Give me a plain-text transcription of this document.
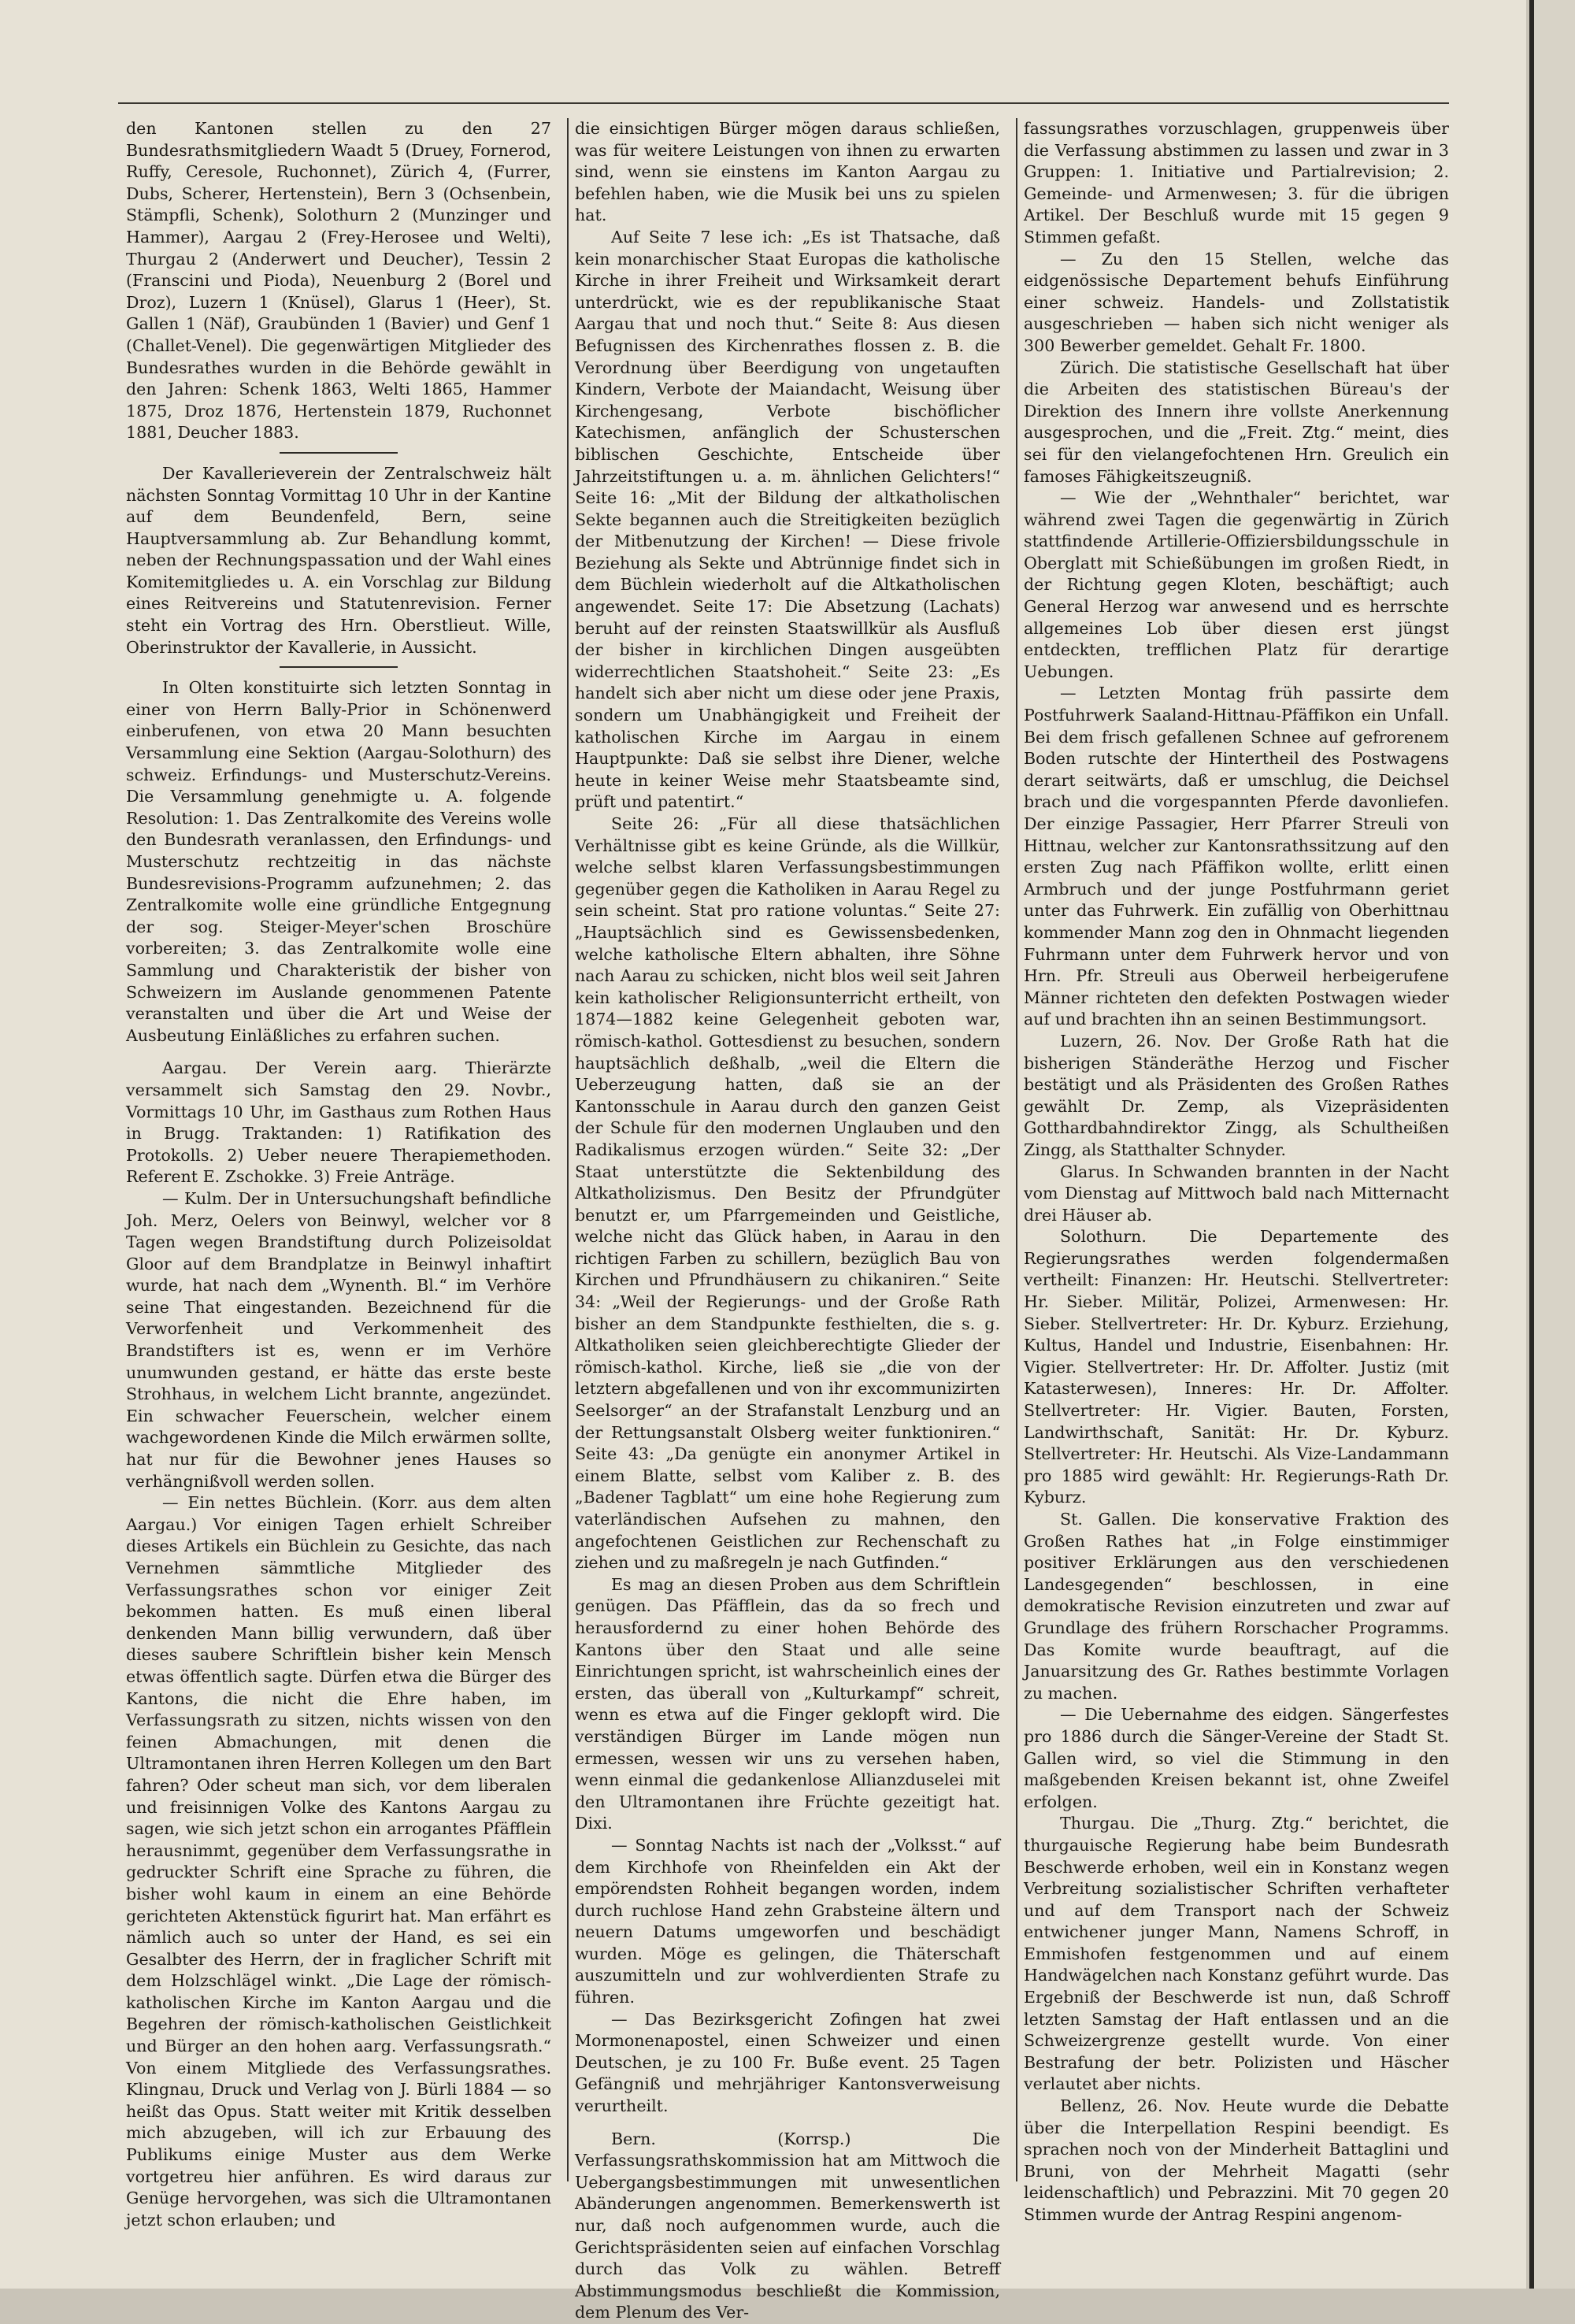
den Kantonen stellen zu den 27 Bundesrathsmitgliedern Waadt 5 (Druey, Fornerod, Ruffy, Ceresole, Ruchonnet), Zürich 4, (Furrer, Dubs, Scherer, Hertenstein), Bern 3 (Ochsenbein, Stämpfli, Schenk), Solothurn 2 (Munzinger und Hammer), Aargau 2 (Frey-Herosee und Welti), Thurgau 2 (Anderwert und Deucher), Tessin 2 (Franscini und Pioda), Neuenburg 2 (Borel und Droz), Luzern 1 (Knüsel), Glarus 1 (Heer), St. Gallen 1 (Näf), Graubünden 1 (Bavier) und Genf 1 (Challet-Venel). Die gegenwärtigen Mitglieder des Bundesrathes wurden in die Behörde gewählt in den Jahren: Schenk 1863, Welti 1865, Hammer 1875, Droz 1876, Hertenstein 1879, Ruchonnet 1881, Deucher 1883.

Der Kavallerieverein der Zentralschweiz hält nächsten Sonntag Vormittag 10 Uhr in der Kantine auf dem Beundenfeld, Bern, seine Hauptversammlung ab. Zur Behandlung kommt, neben der Rechnungspassation und der Wahl eines Komitemitgliedes u. A. ein Vorschlag zur Bildung eines Reitvereins und Statutenrevision. Ferner steht ein Vortrag des Hrn. Oberstlieut. Wille, Oberinstruktor der Kavallerie, in Aussicht.

In Olten konstituirte sich letzten Sonntag in einer von Herrn Bally-Prior in Schönenwerd einberufenen, von etwa 20 Mann besuchten Versammlung eine Sektion (Aargau-Solothurn) des schweiz. Erfindungs- und Musterschutz-Vereins. Die Versammlung genehmigte u. A. folgende Resolution: 1. Das Zentralkomite des Vereins wolle den Bundesrath veranlassen, den Erfindungs- und Musterschutz rechtzeitig in das nächste Bundesrevisions-Programm aufzunehmen; 2. das Zentralkomite wolle eine gründliche Entgegnung der sog. Steiger-Meyer'schen Broschüre vorbereiten; 3. das Zentralkomite wolle eine Sammlung und Charakteristik der bisher von Schweizern im Auslande genommenen Patente veranstalten und über die Art und Weise der Ausbeutung Einläßliches zu erfahren suchen.

Aargau. Der Verein aarg. Thierärzte versammelt sich Samstag den 29. Novbr., Vormittags 10 Uhr, im Gasthaus zum Rothen Haus in Brugg. Traktanden: 1) Ratifikation des Protokolls. 2) Ueber neuere Therapiemethoden. Referent E. Zschokke. 3) Freie Anträge.

— Kulm. Der in Untersuchungshaft befindliche Joh. Merz, Oelers von Beinwyl, welcher vor 8 Tagen wegen Brandstiftung durch Polizeisoldat Gloor auf dem Brandplatze in Beinwyl inhaftirt wurde, hat nach dem „Wynenth. Bl.“ im Verhöre seine That eingestanden. Bezeichnend für die Verworfenheit und Verkommenheit des Brandstifters ist es, wenn er im Verhöre unumwunden gestand, er hätte das erste beste Strohhaus, in welchem Licht brannte, angezündet. Ein schwacher Feuerschein, welcher einem wachgewordenen Kinde die Milch erwärmen sollte, hat nur für die Bewohner jenes Hauses so verhängnißvoll werden sollen.

— Ein nettes Büchlein. (Korr. aus dem alten Aargau.) Vor einigen Tagen erhielt Schreiber dieses Artikels ein Büchlein zu Gesichte, das nach Vernehmen sämmtliche Mitglieder des Verfassungsrathes schon vor einiger Zeit bekommen hatten. Es muß einen liberal denkenden Mann billig verwundern, daß über dieses saubere Schriftlein bisher kein Mensch etwas öffentlich sagte. Dürfen etwa die Bürger des Kantons, die nicht die Ehre haben, im Verfassungsrath zu sitzen, nichts wissen von den feinen Abmachungen, mit denen die Ultramontanen ihren Herren Kollegen um den Bart fahren? Oder scheut man sich, vor dem liberalen und freisinnigen Volke des Kantons Aargau zu sagen, wie sich jetzt schon ein arrogantes Pfäfflein herausnimmt, gegenüber dem Verfassungsrathe in gedruckter Schrift eine Sprache zu führen, die bisher wohl kaum in einem an eine Behörde gerichteten Aktenstück figurirt hat. Man erfährt es nämlich auch so unter der Hand, es sei ein Gesalbter des Herrn, der in fraglicher Schrift mit dem Holzschlägel winkt. „Die Lage der römisch-katholischen Kirche im Kanton Aargau und die Begehren der römisch-katholischen Geistlichkeit und Bürger an den hohen aarg. Verfassungsrath.“ Von einem Mitgliede des Verfassungsrathes. Klingnau, Druck und Verlag von J. Bürli 1884 — so heißt das Opus. Statt weiter mit Kritik desselben mich abzugeben, will ich zur Erbauung des Publikums einige Muster aus dem Werke vortgetreu hier anführen. Es wird daraus zur Genüge hervorgehen, was sich die Ultramontanen jetzt schon erlauben; und

die einsichtigen Bürger mögen daraus schließen, was für weitere Leistungen von ihnen zu erwarten sind, wenn sie einstens im Kanton Aargau zu befehlen haben, wie die Musik bei uns zu spielen hat.

Auf Seite 7 lese ich: „Es ist Thatsache, daß kein monarchischer Staat Europas die katholische Kirche in ihrer Freiheit und Wirksamkeit derart unterdrückt, wie es der republikanische Staat Aargau that und noch thut.“ Seite 8: Aus diesen Befugnissen des Kirchenrathes flossen z. B. die Verordnung über Beerdigung von ungetauften Kindern, Verbote der Maiandacht, Weisung über Kirchengesang, Verbote bischöflicher Katechismen, anfänglich der Schusterschen biblischen Geschichte, Entscheide über Jahrzeitstiftungen u. a. m. ähnlichen Gelichters!“ Seite 16: „Mit der Bildung der altkatholischen Sekte begannen auch die Streitigkeiten bezüglich der Mitbenutzung der Kirchen! — Diese frivole Beziehung als Sekte und Abtrünnige findet sich in dem Büchlein wiederholt auf die Altkatholischen angewendet. Seite 17: Die Absetzung (Lachats) beruht auf der reinsten Staatswillkür als Ausfluß der bisher in kirchlichen Dingen ausgeübten widerrechtlichen Staatshoheit.“ Seite 23: „Es handelt sich aber nicht um diese oder jene Praxis, sondern um Unabhängigkeit und Freiheit der katholischen Kirche im Aargau in einem Hauptpunkte: Daß sie selbst ihre Diener, welche heute in keiner Weise mehr Staatsbeamte sind, prüft und patentirt.“

Seite 26: „Für all diese thatsächlichen Verhältnisse gibt es keine Gründe, als die Willkür, welche selbst klaren Verfassungsbestimmungen gegenüber gegen die Katholiken in Aarau Regel zu sein scheint. Stat pro ratione voluntas.“ Seite 27: „Hauptsächlich sind es Gewissensbedenken, welche katholische Eltern abhalten, ihre Söhne nach Aarau zu schicken, nicht blos weil seit Jahren kein katholischer Religionsunterricht ertheilt, von 1874—1882 keine Gelegenheit geboten war, römisch-kathol. Gottesdienst zu besuchen, sondern hauptsächlich deßhalb, „weil die Eltern die Ueberzeugung hatten, daß sie an der Kantonsschule in Aarau durch den ganzen Geist der Schule für den modernen Unglauben und den Radikalismus erzogen würden.“ Seite 32: „Der Staat unterstützte die Sektenbildung des Altkatholizismus. Den Besitz der Pfrundgüter benutzt er, um Pfarrgemeinden und Geistliche, welche nicht das Glück haben, in Aarau in den richtigen Farben zu schillern, bezüglich Bau von Kirchen und Pfrundhäusern zu chikaniren.“ Seite 34: „Weil der Regierungs- und der Große Rath bisher an dem Standpunkte festhielten, die s. g. Altkatholiken seien gleichberechtigte Glieder der römisch-kathol. Kirche, ließ sie „die von der letztern abgefallenen und von ihr excommunizirten Seelsorger“ an der Strafanstalt Lenzburg und an der Rettungsanstalt Olsberg weiter funktioniren.“ Seite 43: „Da genügte ein anonymer Artikel in einem Blatte, selbst vom Kaliber z. B. des „Badener Tagblatt“ um eine hohe Regierung zum vaterländischen Aufsehen zu mahnen, den angefochtenen Geistlichen zur Rechenschaft zu ziehen und zu maßregeln je nach Gutfinden.“

Es mag an diesen Proben aus dem Schriftlein genügen. Das Pfäfflein, das da so frech und herausfordernd zu einer hohen Behörde des Kantons über den Staat und alle seine Einrichtungen spricht, ist wahrscheinlich eines der ersten, das überall von „Kulturkampf“ schreit, wenn es etwa auf die Finger geklopft wird. Die verständigen Bürger im Lande mögen nun ermessen, wessen wir uns zu versehen haben, wenn einmal die gedankenlose Allianzduselei mit den Ultramontanen ihre Früchte gezeitigt hat. Dixi.

— Sonntag Nachts ist nach der „Volksst.“ auf dem Kirchhofe von Rheinfelden ein Akt der empörendsten Rohheit begangen worden, indem durch ruchlose Hand zehn Grabsteine ältern und neuern Datums umgeworfen und beschädigt wurden. Möge es gelingen, die Thäterschaft auszumitteln und zur wohlverdienten Strafe zu führen.

— Das Bezirksgericht Zofingen hat zwei Mormonenapostel, einen Schweizer und einen Deutschen, je zu 100 Fr. Buße event. 25 Tagen Gefängniß und mehrjähriger Kantonsverweisung verurtheilt.

Bern. (Korrsp.) Die Verfassungsrathskommission hat am Mittwoch die Uebergangsbestimmungen mit unwesentlichen Abänderungen angenommen. Bemerkenswerth ist nur, daß noch aufgenommen wurde, auch die Gerichtspräsidenten seien auf einfachen Vorschlag durch das Volk zu wählen. Betreff Abstimmungsmodus beschließt die Kommission, dem Plenum des Ver-

fassungsrathes vorzuschlagen, gruppenweis über die Verfassung abstimmen zu lassen und zwar in 3 Gruppen: 1. Initiative und Partialrevision; 2. Gemeinde- und Armenwesen; 3. für die übrigen Artikel. Der Beschluß wurde mit 15 gegen 9 Stimmen gefaßt.

— Zu den 15 Stellen, welche das eidgenössische Departement behufs Einführung einer schweiz. Handels- und Zollstatistik ausgeschrieben — haben sich nicht weniger als 300 Bewerber gemeldet. Gehalt Fr. 1800.

Zürich. Die statistische Gesellschaft hat über die Arbeiten des statistischen Büreau's der Direktion des Innern ihre vollste Anerkennung ausgesprochen, und die „Freit. Ztg.“ meint, dies sei für den vielangefochtenen Hrn. Greulich ein famoses Fähigkeitszeugniß.

— Wie der „Wehnthaler“ berichtet, war während zwei Tagen die gegenwärtig in Zürich stattfindende Artillerie-Offiziersbildungsschule in Oberglatt mit Schießübungen im großen Riedt, in der Richtung gegen Kloten, beschäftigt; auch General Herzog war anwesend und es herrschte allgemeines Lob über diesen erst jüngst entdeckten, trefflichen Platz für derartige Uebungen.

— Letzten Montag früh passirte dem Postfuhrwerk Saaland-Hittnau-Pfäffikon ein Unfall. Bei dem frisch gefallenen Schnee auf gefrorenem Boden rutschte der Hintertheil des Postwagens derart seitwärts, daß er umschlug, die Deichsel brach und die vorgespannten Pferde davonliefen. Der einzige Passagier, Herr Pfarrer Streuli von Hittnau, welcher zur Kantonsrathssitzung auf den ersten Zug nach Pfäffikon wollte, erlitt einen Armbruch und der junge Postfuhrmann geriet unter das Fuhrwerk. Ein zufällig von Oberhittnau kommender Mann zog den in Ohnmacht liegenden Fuhrmann unter dem Fuhrwerk hervor und von Hrn. Pfr. Streuli aus Oberweil herbeigerufene Männer richteten den defekten Postwagen wieder auf und brachten ihn an seinen Bestimmungsort.

Luzern, 26. Nov. Der Große Rath hat die bisherigen Ständeräthe Herzog und Fischer bestätigt und als Präsidenten des Großen Rathes gewählt Dr. Zemp, als Vizepräsidenten Gotthardbahndirektor Zingg, als Schultheißen Zingg, als Statthalter Schnyder.

Glarus. In Schwanden brannten in der Nacht vom Dienstag auf Mittwoch bald nach Mitternacht drei Häuser ab.

Solothurn. Die Departemente des Regierungsrathes werden folgendermaßen vertheilt: Finanzen: Hr. Heutschi. Stellvertreter: Hr. Sieber. Militär, Polizei, Armenwesen: Hr. Sieber. Stellvertreter: Hr. Dr. Kyburz. Erziehung, Kultus, Handel und Industrie, Eisenbahnen: Hr. Vigier. Stellvertreter: Hr. Dr. Affolter. Justiz (mit Katasterwesen), Inneres: Hr. Dr. Affolter. Stellvertreter: Hr. Vigier. Bauten, Forsten, Landwirthschaft, Sanität: Hr. Dr. Kyburz. Stellvertreter: Hr. Heutschi. Als Vize-Landammann pro 1885 wird gewählt: Hr. Regierungs-Rath Dr. Kyburz.

St. Gallen. Die konservative Fraktion des Großen Rathes hat „in Folge einstimmiger positiver Erklärungen aus den verschiedenen Landesgegenden“ beschlossen, in eine demokratische Revision einzutreten und zwar auf Grundlage des frühern Rorschacher Programms. Das Komite wurde beauftragt, auf die Januarsitzung des Gr. Rathes bestimmte Vorlagen zu machen.

— Die Uebernahme des eidgen. Sängerfestes pro 1886 durch die Sänger-Vereine der Stadt St. Gallen wird, so viel die Stimmung in den maßgebenden Kreisen bekannt ist, ohne Zweifel erfolgen.

Thurgau. Die „Thurg. Ztg.“ berichtet, die thurgauische Regierung habe beim Bundesrath Beschwerde erhoben, weil ein in Konstanz wegen Verbreitung sozialistischer Schriften verhafteter und auf dem Transport nach der Schweiz entwichener junger Mann, Namens Schroff, in Emmishofen festgenommen und auf einem Handwägelchen nach Konstanz geführt wurde. Das Ergebniß der Beschwerde ist nun, daß Schroff letzten Samstag der Haft entlassen und an die Schweizergrenze gestellt wurde. Von einer Bestrafung der betr. Polizisten und Häscher verlautet aber nichts.

Bellenz, 26. Nov. Heute wurde die Debatte über die Interpellation Respini beendigt. Es sprachen noch von der Minderheit Battaglini und Bruni, von der Mehrheit Magatti (sehr leidenschaftlich) und Pebrazzini. Mit 70 gegen 20 Stimmen wurde der Antrag Respini angenom-
